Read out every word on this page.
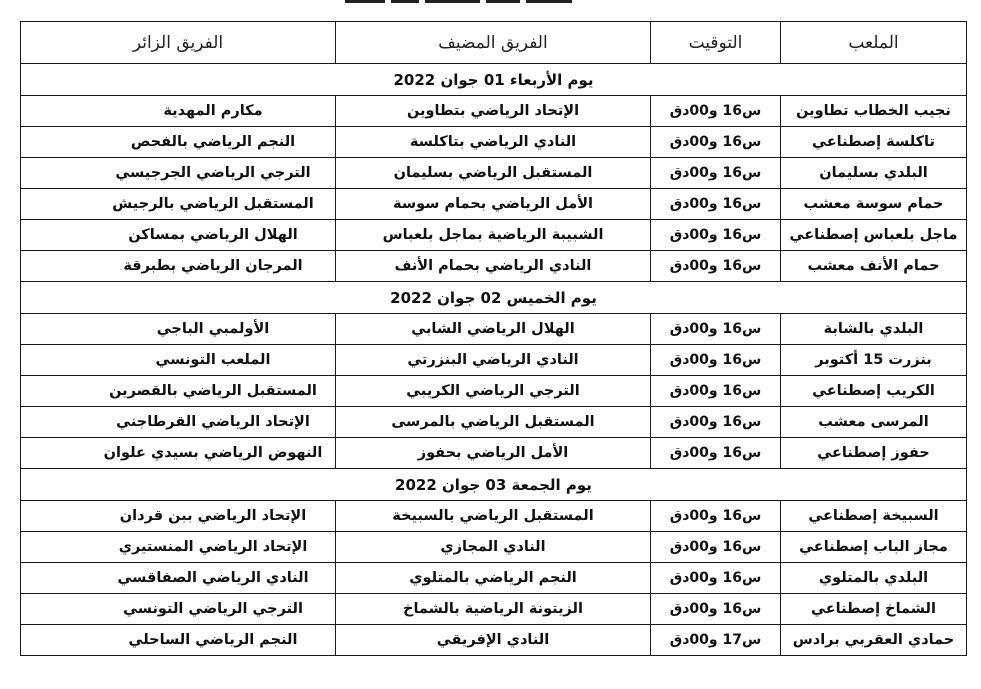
الملعب	التوقيت	الفريق المضيف	الفريق الزائر
يوم الأربعاء 01 جوان 2022			
نجيب الخطاب تطاوين	س16 و00دق	الإتحاد الرياضي بتطاوين	مكارم المهدية
تاكلسة إصطناعي	س16 و00دق	النادي الرياضي بتاكلسة	النجم الرياضي بالفحص
البلدي بسليمان	س16 و00دق	المستقبل الرياضي بسليمان	الترجي الرياضي الجرجيسي
حمام سوسة معشب	س16 و00دق	الأمل الرياضي بحمام سوسة	المستقبل الرياضي بالرجيش
ماجل بلعباس إصطناعي	س16 و00دق	الشبيبة الرياضية بماجل بلعباس	الهلال الرياضي بمساكن
حمام الأنف معشب	س16 و00دق	النادي الرياضي بحمام الأنف	المرجان الرياضي بطبرقة
يوم الخميس 02 جوان 2022			
البلدي بالشابة	س16 و00دق	الهلال الرياضي الشابي	الأولمبي الباجي
بنزرت 15 أكتوبر	س16 و00دق	النادي الرياضي البنزرتي	الملعب التونسي
الكريب إصطناعي	س16 و00دق	الترجي الرياضي الكريبي	المستقبل الرياضي بالقصرين
المرسى معشب	س16 و00دق	المستقبل الرياضي بالمرسى	الإتحاد الرياضي القرطاجني
حفوز إصطناعي	س16 و00دق	الأمل الرياضي بحفوز	النهوض الرياضي بسيدي علوان
يوم الجمعة 03 جوان 2022			
السبيخة إصطناعي	س16 و00دق	المستقبل الرياضي بالسبيخة	الإتحاد الرياضي ببن قردان
مجاز الباب إصطناعي	س16 و00دق	النادي المجازي	الإتحاد الرياضي المنستيري
البلدي بالمتلوي	س16 و00دق	النجم الرياضي بالمتلوي	النادي الرياضي الصفاقسي
الشماخ إصطناعي	س16 و00دق	الزيتونة الرياضية بالشماخ	الترجي الرياضي التونسي
حمادي العقربي برادس	س17 و00دق	النادي الإفريقي	النجم الرياضي الساحلي
